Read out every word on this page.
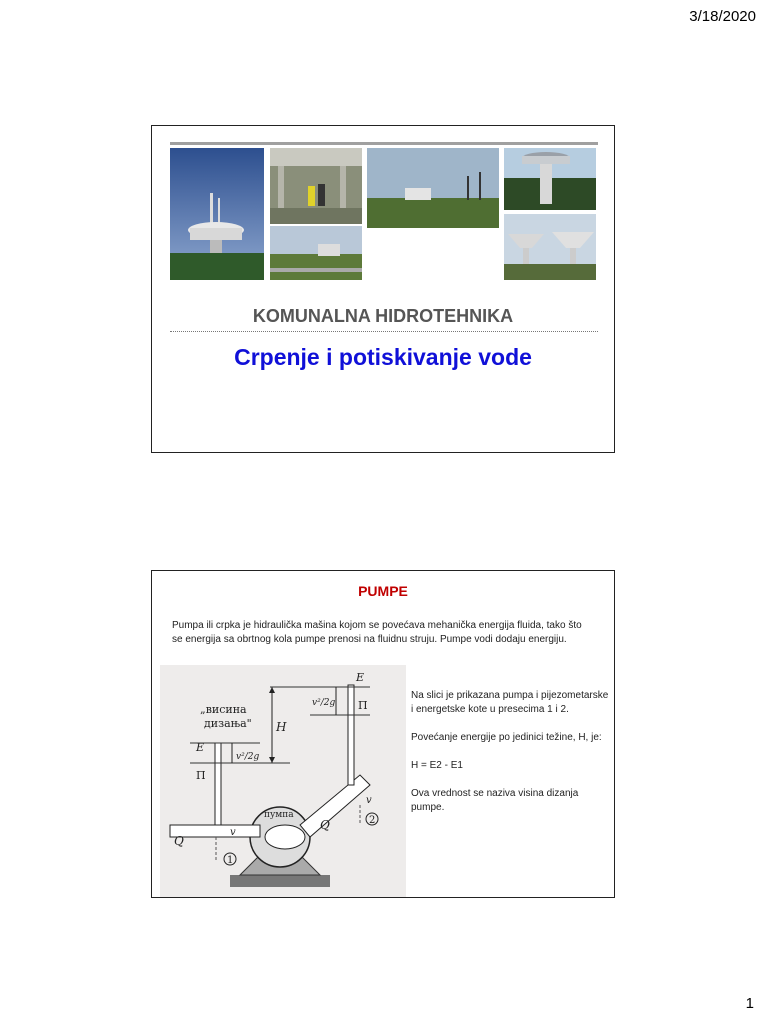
3/18/2020
KOMUNALNA HIDROTEHNIKA
Crpenje i potiskivanje vode
PUMPE
Pumpa ili crpka je hidraulička mašina kojom se povećava mehanička energija fluida, tako što se energija sa obrtnog kola pumpe prenosi na fluidnu struju. Pumpe vodi dodaju energiju.
„висина
дизања" H
E
Π
v²/2g
E
Π
v²/2g
Q
Q
v
v
пумпа
1
2

Na slici je prikazana pumpa i pijezometarske i energetske kote u presecima 1 i 2.

Povećanje energije po jedinici težine, H, je:

H = E2 - E1

Ova vrednost se naziva visina dizanja pumpe.

1
